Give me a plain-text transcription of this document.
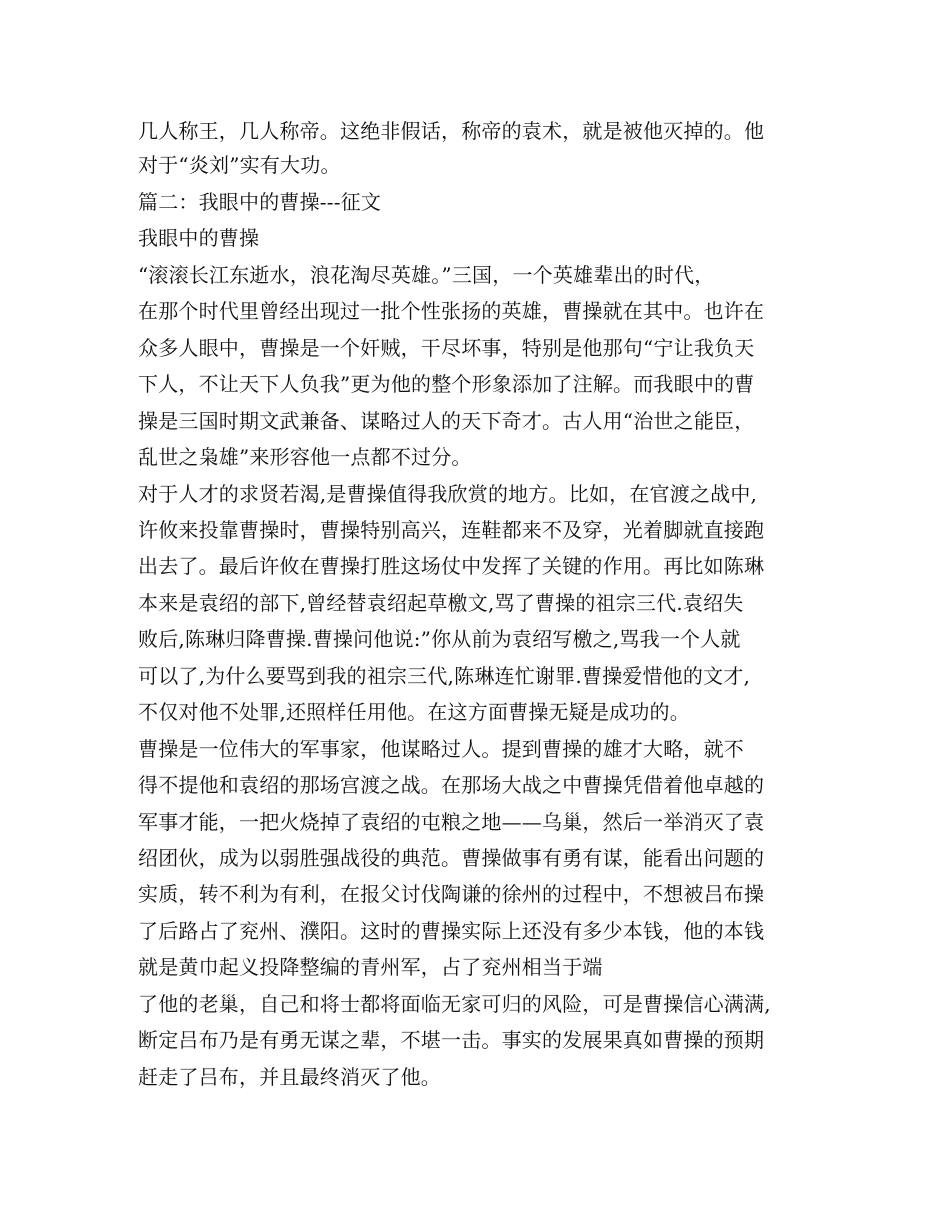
几人称王，几人称帝。这绝非假话，称帝的袁术，就是被他灭掉的。他
对于“炎刘”实有大功。
篇二：我眼中的曹操---征文
我眼中的曹操
“滚滚长江东逝水，浪花淘尽英雄。”三国，一个英雄辈出的时代，
在那个时代里曾经出现过一批个性张扬的英雄，曹操就在其中。也许在
众多人眼中，曹操是一个奸贼，干尽坏事，特别是他那句“宁让我负天
下人，不让天下人负我”更为他的整个形象添加了注解。而我眼中的曹
操是三国时期文武兼备、谋略过人的天下奇才。古人用“治世之能臣，
乱世之枭雄”来形容他一点都不过分。
对于人才的求贤若渴,是曹操值得我欣赏的地方。比如，在官渡之战中,
许攸来投靠曹操时，曹操特别高兴，连鞋都来不及穿，光着脚就直接跑
出去了。最后许攸在曹操打胜这场仗中发挥了关键的作用。再比如陈琳
本来是袁绍的部下,曾经替袁绍起草檄文,骂了曹操的祖宗三代.袁绍失
败后,陈琳归降曹操.曹操问他说:”你从前为袁绍写檄之,骂我一个人就
可以了,为什么要骂到我的祖宗三代,陈琳连忙谢罪.曹操爱惜他的文才,
不仅对他不处罪,还照样任用他。在这方面曹操无疑是成功的。
曹操是一位伟大的军事家，他谋略过人。提到曹操的雄才大略，就不
得不提他和袁绍的那场宫渡之战。在那场大战之中曹操凭借着他卓越的
军事才能，一把火烧掉了袁绍的屯粮之地——乌巢，然后一举消灭了袁
绍团伙，成为以弱胜强战役的典范。曹操做事有勇有谋，能看出问题的
实质，转不利为有利，在报父讨伐陶谦的徐州的过程中，不想被吕布操
了后路占了兖州、濮阳。这时的曹操实际上还没有多少本钱，他的本钱
就是黄巾起义投降整编的青州军，占了兖州相当于端
了他的老巢，自己和将士都将面临无家可归的风险，可是曹操信心满满,
断定吕布乃是有勇无谋之辈，不堪一击。事实的发展果真如曹操的预期
赶走了吕布，并且最终消灭了他。
